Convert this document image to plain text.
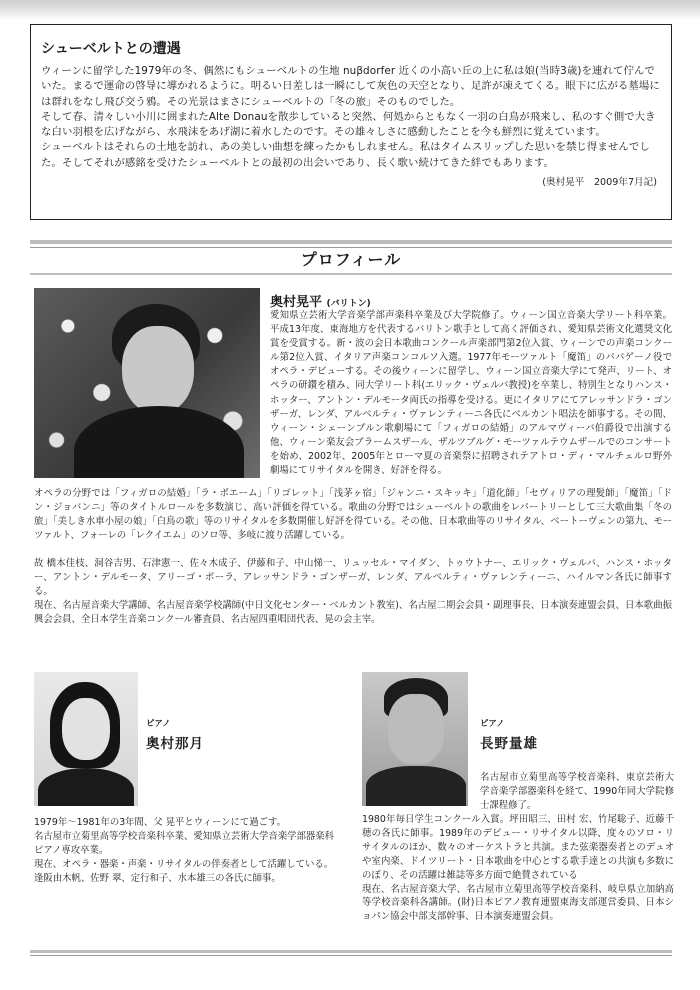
シューベルトとの遭遇

ウィーンに留学した1979年の冬、偶然にもシューベルトの生地 nuβdorfer 近くの小高い丘の上に私は娘(当時3歳)を連れて佇んでいた。まるで運命の啓导に導かれるように。明るい日差しは一瞬にして灰色の天空となり、足許が凍えてくる。眼下に広がる墓場には群れをなし飛び交う鴉。その光景はまさにシューベルトの「冬の旅」そのものでした。

そして春、清々しい小川に囲まれたAlte Donauを散歩していると突然、何処からともなく一羽の白鳥が飛来し、私のすぐ側で大きな白い羽根を広げながら、水飛沫をあげ湖に着水したのです。その雄々しさに感動したことを今も鮮烈に覚えています。

シューベルトはそれらの土地を訪れ、あの美しい曲想を練ったかもしれません。私はタイムスリップした思いを禁じ得ませんでした。そしてそれが感銘を受けたシューベルトとの最初の出会いであり、長く歌い続けてきた絆でもあります。

(奥村晃平　2009年7月記)
プロフィール
奥村晃平 (バリトン)

愛知県立芸術大学音楽学部声楽科卒業及び大学院修了。ウィーン国立音楽大学リート科卒業。平成13年度、東海地方を代表するバリトン歌手として高く評価され、愛知県芸術文化選奨文化賞を受賞する。新・波の会日本歌曲コンクール声楽部門第2位入賞、ウィーンでの声楽コンクール第2位入賞、イタリア声楽コンコルソ入選。1977年モーツァルト「魔笛」のパパゲーノ役でオペラ・デビューする。その後ウィーンに留学し、ウィーン国立音楽大学にて発声、リート、オペラの研鑽を積み、同大学リート科(エリック・ヴェルバ教授)を卒業し、特別生となりハンス・ホッター、アントン・デルモータ両氏の指導を受ける。更にイタリアにてアレッサンドラ・ゴンザーガ、レンダ、アルベルティ・ヴァレンティーニ各氏にベルカント唱法を師事する。その間、ウィーン・シェーンブルン歌劇場にて「フィガロの結婚」のアルマヴィーバ伯爵役で出演する他、ウィーン楽友会ブラームスザール、ザルツブルグ・モーツァルテウムザールでのコンサートを始め、2002年、2005年とローマ夏の音楽祭に招聘されテアトロ・ディ・マルチェルロ野外劇場にてリサイタルを開き、好評を得る。

オペラの分野では「フィガロの結婚」「ラ・ボエーム」「リゴレット」「浅茅ヶ宿」「ジャンニ・スキッキ」「道化師」「セヴィリアの理髪師」「魔笛」「ドン・ジョバンニ」等のタイトルロールを多数演じ、高い評価を得ている。歌曲の分野ではシューベルトの歌曲をレパートリーとして三大歌曲集「冬の旅」「美しき水車小屋の娘」「白鳥の歌」等のリサイタルを多数開催し好評を得ている。その他、日本歌曲等のリサイタル、ベートーヴェンの第九、モーツァルト、フォーレの「レクイエム」のソロ等、多岐に渡り活躍している。

故 橋本佳枝、洞谷吉男、石津憲一、佐々木成子、伊藤和子、中山悌一、リュッセル・マイダン、トゥウトナー、エリック・ヴェルバ、ハンス・ホッター、アントン・デルモータ、アリーゴ・ポーラ、アレッサンドラ・ゴンザーガ、レンダ、アルベルティ・ヴァレンティーニ、ハイルマン各氏に師事する。

現在、名古屋音楽大学講師、名古屋音楽学校講師(中日文化センター・ベルカント教室)、名古屋二期会会員・副理事長、日本演奏連盟会員、日本歌曲振興会会員、全日本学生音楽コンクール審査員、名古屋四重唱団代表、晃の会主宰。

ピアノ
奥村那月
1979年〜1981年の3年間、父 晃平とウィーンにて過ごす。
名古屋市立菊里高等学校音楽科卒業、愛知県立芸術大学音楽学部器楽科ピアノ専攻卒業。
現在、オペラ・器楽・声楽・リサイタルの伴奏者として活躍している。
逢阪由木帆、佐野 翠、定行和子、水本雄三の各氏に師事。
ピアノ
長野量雄

名古屋市立菊里高等学校音楽科、東京芸術大学音楽学部器楽科を経て、1990年同大学院修士課程修了。

1980年毎日学生コンクール入賞。坪田昭三、田村 宏、竹尾聡子、近藤千穂の各氏に師事。1989年のデビュー・リサイタル以降、度々のソロ・リサイタルのほか、数々のオーケストラと共演。また弦楽器奏者とのデュオや室内楽、ドイツリート・日本歌曲を中心とする歌手達との共演も多数にのぼり、その活躍は雑誌等多方面で絶賛されている
現在、名古屋音楽大学、名古屋市立菊里高等学校音楽科、岐阜県立加納高等学校音楽科各講師。(財)日本ピアノ教育連盟東海支部運営委員、日本ショパン協会中部支部幹事、日本演奏連盟会員。
